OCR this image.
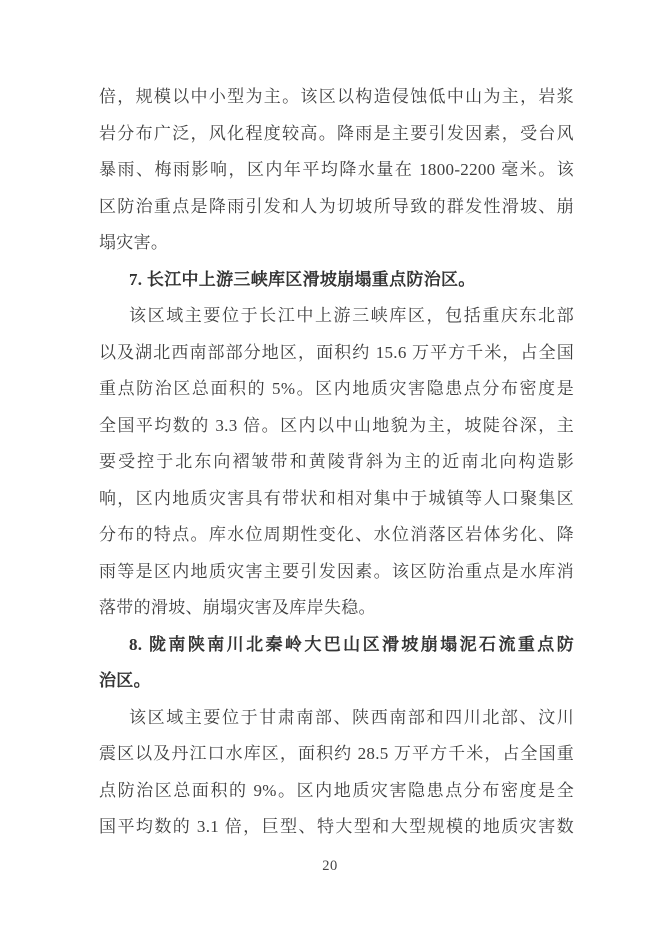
倍，规模以中小型为主。该区以构造侵蚀低中山为主，岩浆
岩分布广泛，风化程度较高。降雨是主要引发因素，受台风
暴雨、梅雨影响，区内年平均降水量在 1800-2200 毫米。该
区防治重点是降雨引发和人为切坡所导致的群发性滑坡、崩
塌灾害。
7. 长江中上游三峡库区滑坡崩塌重点防治区。
该区域主要位于长江中上游三峡库区，包括重庆东北部
以及湖北西南部部分地区，面积约 15.6 万平方千米，占全国
重点防治区总面积的 5%。区内地质灾害隐患点分布密度是
全国平均数的 3.3 倍。区内以中山地貌为主，坡陡谷深，主
要受控于北东向褶皱带和黄陵背斜为主的近南北向构造影
响，区内地质灾害具有带状和相对集中于城镇等人口聚集区
分布的特点。库水位周期性变化、水位消落区岩体劣化、降
雨等是区内地质灾害主要引发因素。该区防治重点是水库消
落带的滑坡、崩塌灾害及库岸失稳。
8. 陇南陕南川北秦岭大巴山区滑坡崩塌泥石流重点防
治区。
该区域主要位于甘肃南部、陕西南部和四川北部、汶川
震区以及丹江口水库区，面积约 28.5 万平方千米，占全国重
点防治区总面积的 9%。区内地质灾害隐患点分布密度是全
国平均数的 3.1 倍，巨型、特大型和大型规模的地质灾害数
20
